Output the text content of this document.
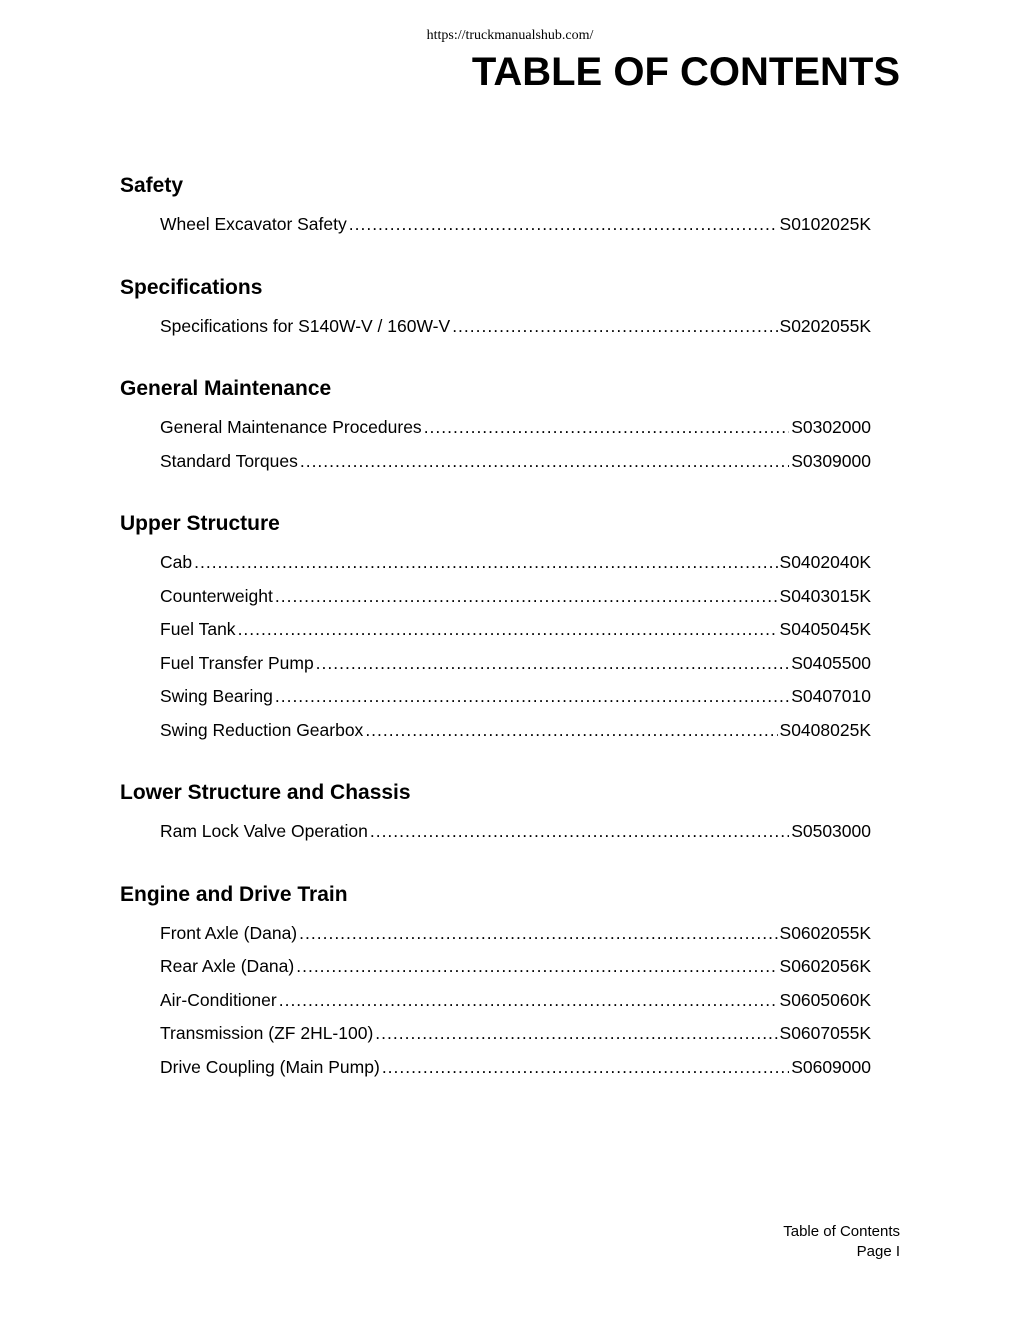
https://truckmanualshub.com/
TABLE OF CONTENTS
Safety
Wheel Excavator Safety .....	S0102025K
Specifications
Specifications for S140W-V / 160W-V .....	S0202055K
General Maintenance
General Maintenance Procedures .....	S0302000
Standard Torques .....	S0309000
Upper Structure
Cab .....	S0402040K
Counterweight .....	S0403015K
Fuel Tank .....	S0405045K
Fuel Transfer Pump .....	S0405500
Swing Bearing .....	S0407010
Swing Reduction Gearbox .....	S0408025K
Lower Structure and Chassis
Ram Lock Valve Operation .....	S0503000
Engine and Drive Train
Front Axle (Dana) .....	S0602055K
Rear Axle (Dana) .....	S0602056K
Air-Conditioner .....	S0605060K
Transmission (ZF 2HL-100) .....	S0607055K
Drive Coupling (Main Pump) .....	S0609000
Table of Contents
Page I
